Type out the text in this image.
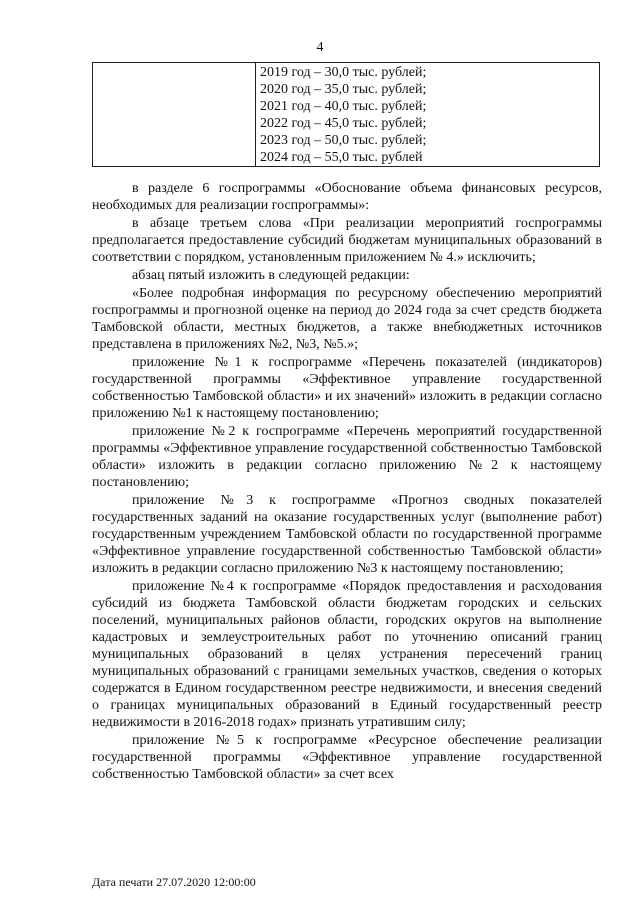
4

2019 год – 30,0 тыс. рублей;
2020 год – 35,0 тыс. рублей;
2021 год – 40,0 тыс. рублей;
2022 год – 45,0 тыс. рублей;
2023 год – 50,0 тыс. рублей;
2024 год – 55,0 тыс. рублей

в разделе 6 госпрограммы «Обоснование объема финансовых ресурсов, необходимых для реализации госпрограммы»:

в абзаце третьем слова «При реализации мероприятий госпрограммы предполагается предоставление субсидий бюджетам муниципальных образований в соответствии с порядком, установленным приложением № 4.» исключить;

абзац пятый изложить в следующей редакции:

«Более подробная информация по ресурсному обеспечению мероприятий госпрограммы и прогнозной оценке на период до 2024 года за счет средств бюджета Тамбовской области, местных бюджетов, а также внебюджетных источников представлена в приложениях №2, №3, №5.»;

приложение №1 к госпрограмме «Перечень показателей (индикаторов) государственной программы «Эффективное управление государственной собственностью Тамбовской области» и их значений» изложить в редакции согласно приложению №1 к настоящему постановлению;

приложение №2 к госпрограмме «Перечень мероприятий государственной программы «Эффективное управление государственной собственностью Тамбовской области» изложить в редакции согласно приложению №2 к настоящему постановлению;

приложение №3 к госпрограмме «Прогноз сводных показателей государственных заданий на оказание государственных услуг (выполнение работ) государственным учреждением Тамбовской области по государственной программе «Эффективное управление государственной собственностью Тамбовской области» изложить в редакции согласно приложению №3 к настоящему постановлению;

приложение №4 к госпрограмме «Порядок предоставления и расходования субсидий из бюджета Тамбовской области бюджетам городских и сельских поселений, муниципальных районов области, городских округов на выполнение кадастровых и землеустроительных работ по уточнению описаний границ муниципальных образований в целях устранения пересечений границ муниципальных образований с границами земельных участков, сведения о которых содержатся в Едином государственном реестре недвижимости, и внесения сведений о границах муниципальных образований в Единый государственный реестр недвижимости в 2016-2018 годах» признать утратившим силу;

приложение №5 к госпрограмме «Ресурсное обеспечение реализации государственной программы «Эффективное управление государственной собственностью Тамбовской области» за счет всех

Дата печати 27.07.2020 12:00:00
